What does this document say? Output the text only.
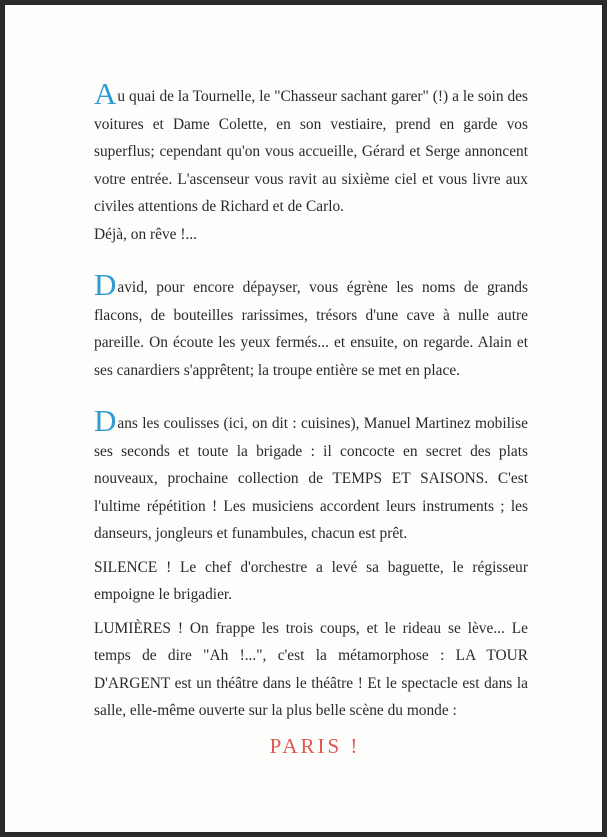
Au quai de la Tournelle, le "Chasseur sachant garer" (!) a le soin des voitures et Dame Colette, en son vestiaire, prend en garde vos superflus; cependant qu'on vous accueille, Gérard et Serge annoncent votre entrée. L'ascenseur vous ravit au sixième ciel et vous livre aux civiles attentions de Richard et de Carlo.

Déjà, on rêve !...

David, pour encore dépayser, vous égrène les noms de grands flacons, de bouteilles rarissimes, trésors d'une cave à nulle autre pareille. On écoute les yeux fermés... et ensuite, on regarde. Alain et ses canardiers s'apprêtent; la troupe entière se met en place.

Dans les coulisses (ici, on dit : cuisines), Manuel Martinez mobilise ses seconds et toute la brigade : il concocte en secret des plats nouveaux, prochaine collection de TEMPS ET SAISONS. C'est l'ultime répétition ! Les musiciens accordent leurs instruments ; les danseurs, jongleurs et funambules, chacun est prêt.

SILENCE ! Le chef d'orchestre a levé sa baguette, le régisseur empoigne le brigadier.

LUMIÈRES ! On frappe les trois coups, et le rideau se lève... Le temps de dire "Ah !...", c'est la métamorphose : LA TOUR D'ARGENT est un théâtre dans le théâtre ! Et le spectacle est dans la salle, elle-même ouverte sur la plus belle scène du monde :

PARIS !
